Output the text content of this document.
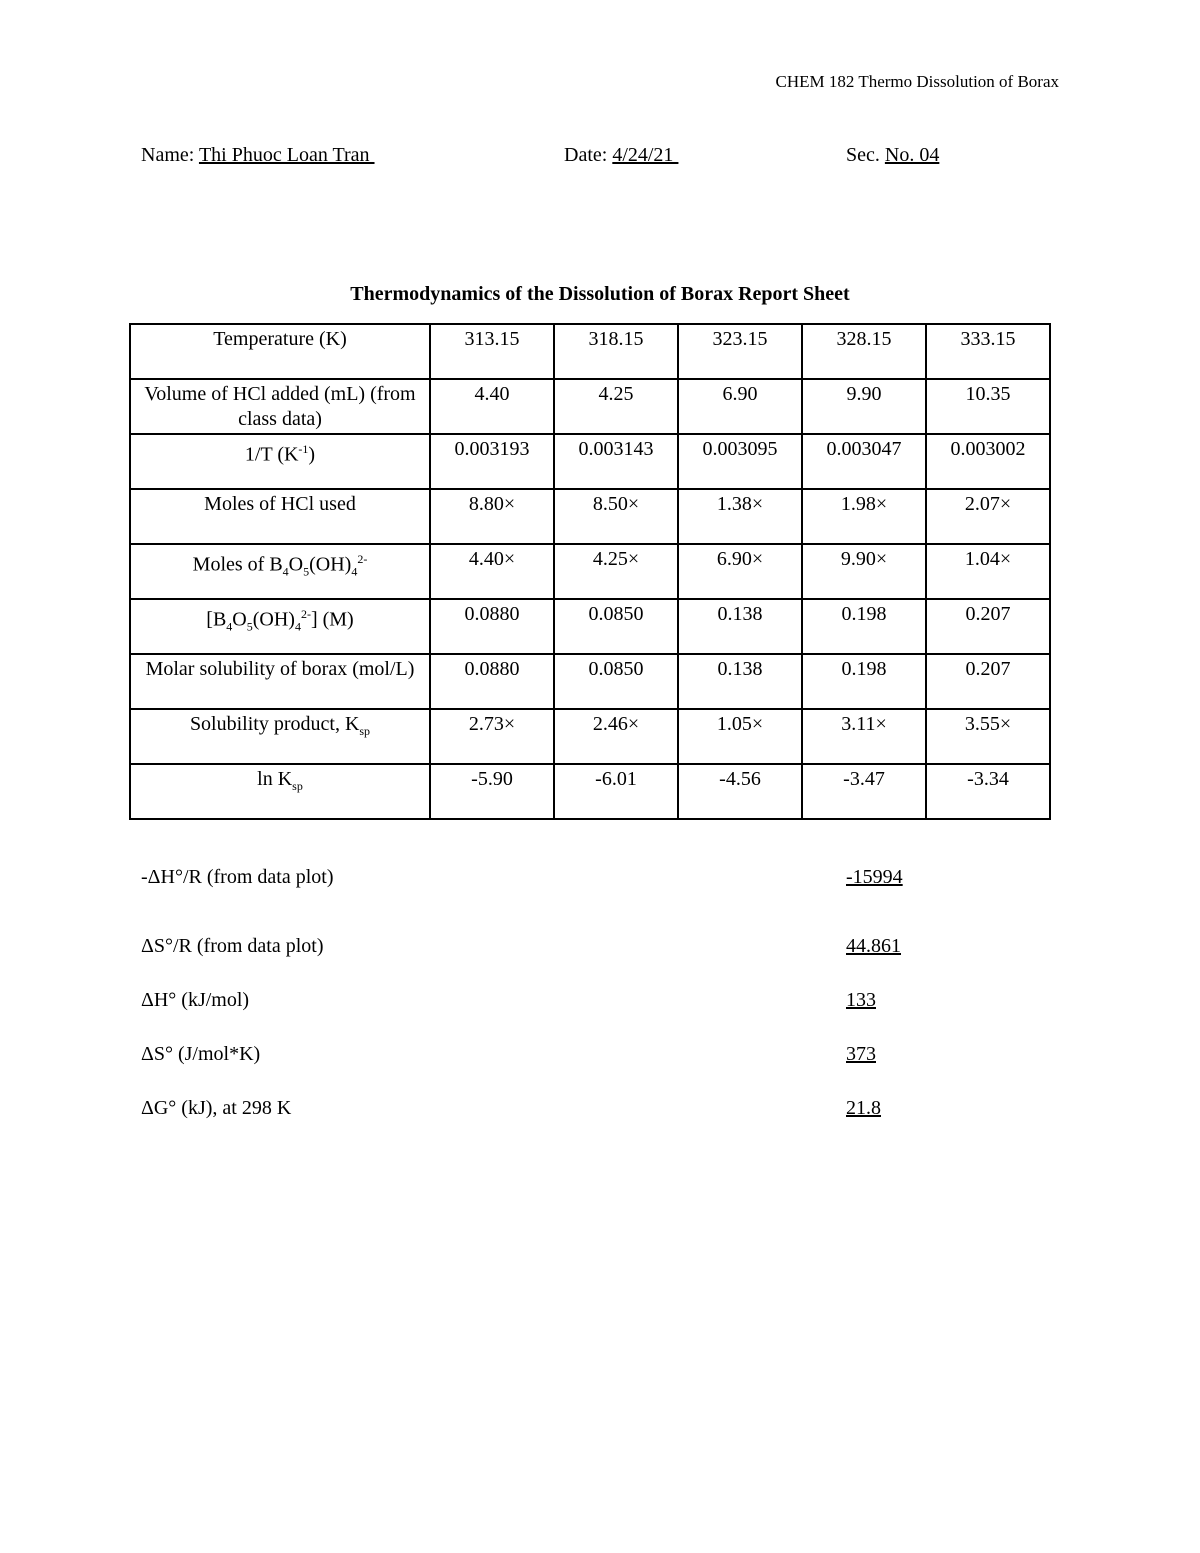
CHEM 182 Thermo Dissolution of Borax
Name: Thi Phuoc Loan Tran	Date: 4/24/21	Sec. No. 04
Thermodynamics of the Dissolution of Borax Report Sheet
Temperature (K)	313.15	318.15	323.15	328.15	333.15
Volume of HCl added (mL) (from class data)	4.40	4.25	6.90	9.90	10.35
1/T $(K^{-1})$	0.003193	0.003143	0.003095	0.003047	0.003002
Moles of HCl used	8.80×	8.50×	1.38×	1.98×	2.07×
Moles of $B_4O_5(OH)_4^{2-}$	4.40×	4.25×	6.90×	9.90×	1.04×
$[B_4O_5(OH)_4^{2-}]$ (M)	0.0880	0.0850	0.138	0.198	0.207
Molar solubility of borax (mol/L)	0.0880	0.0850	0.138	0.198	0.207
Solubility product, $K_{sp}$	2.73×	2.46×	1.05×	3.11×	3.55×
$\ln K_{sp}$	-5.90	-6.01	-4.56	-3.47	-3.34
-ΔH°/R (from data plot)	-15994
ΔS°/R (from data plot)	44.861
ΔH° (kJ/mol)	133
ΔS° (J/mol*K)	373
ΔG° (kJ), at 298 K	21.8
